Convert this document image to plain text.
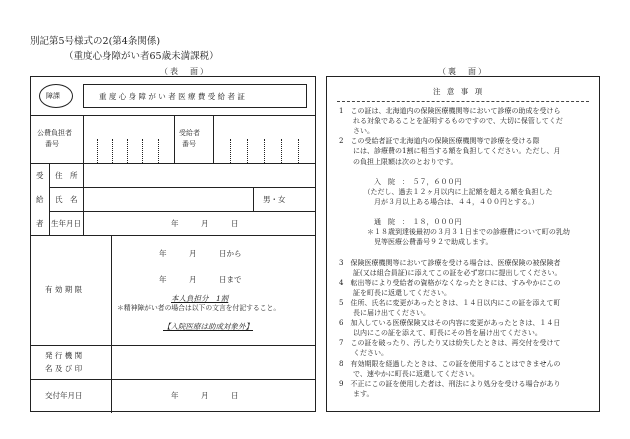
別記第5号様式の2(第4条関係)
（重度心身障がい者65歳未満課税）
（表　面）	（裏　面）
障課	重 度 心 身 障 が い 者 医 療 費 受 給 者 証
公費負担者
番号
受給者
番号
受
給
者
住　所
氏　名	男・女
生年月日	年　　　月　　　日
有 効 期 限
年　　　月　　　日から
年　　　月　　　日まで
本人負担分　1割
＊精神障がい者の場合は以下の文言を付記すること。
【入院医療は助成対象外】
発 行 機 関
名 及 び 印
交付年月日	年　　　月　　　日
注 意 事 項
1　この証は、北海道内の保険医療機関等において診療の助成を受けら
　　れる対象であることを証明するものですので、大切に保管してくだ
　　さい。
2　この受給者証で北海道内の保険医療機関等で診療を受ける際
　　には、診療費の1割に相当する額を負担してください。ただし、月
　　の負担上限額は次のとおりです。
　　　　　入　院　：　５７，６００円
　　　　（ただし、過去１２ヶ月以内に上記額を超える額を負担した
　　　　　月が３月以上ある場合は、４４，４００円とする。）
　　　　　通　院　：　１８，０００円
　　　　＊１８歳到達後最初の３月３１日までの診療費について町の乳幼
　　　　　児等医療公費番号９２で助成します。
3　保険医療機関等において診療を受ける場合は、医療保険の被保険者
　　証(又は組合員証)に添えてこの証を必ず窓口に提出してください。
4　転出等により受給者の資格がなくなったときには、すみやかにこの
　　証を町長に返還してください。
5　住所、氏名に変更があったときは、１４日以内にこの証を添えて町
　　長に届け出てください。
6　加入している医療保険又はその内容に変更があったときは、１４日
　　以内にこの証を添えて、町長にその旨を届け出てください。
7　この証を破ったり、汚したり又は紛失したときは、再交付を受けて
　　ください。
8　有効期限を経過したときは、この証を使用することはできませんの
　　で、速やかに町長に返還してください。
9　不正にこの証を使用した者は、刑法により処分を受ける場合があり
　　ます。
